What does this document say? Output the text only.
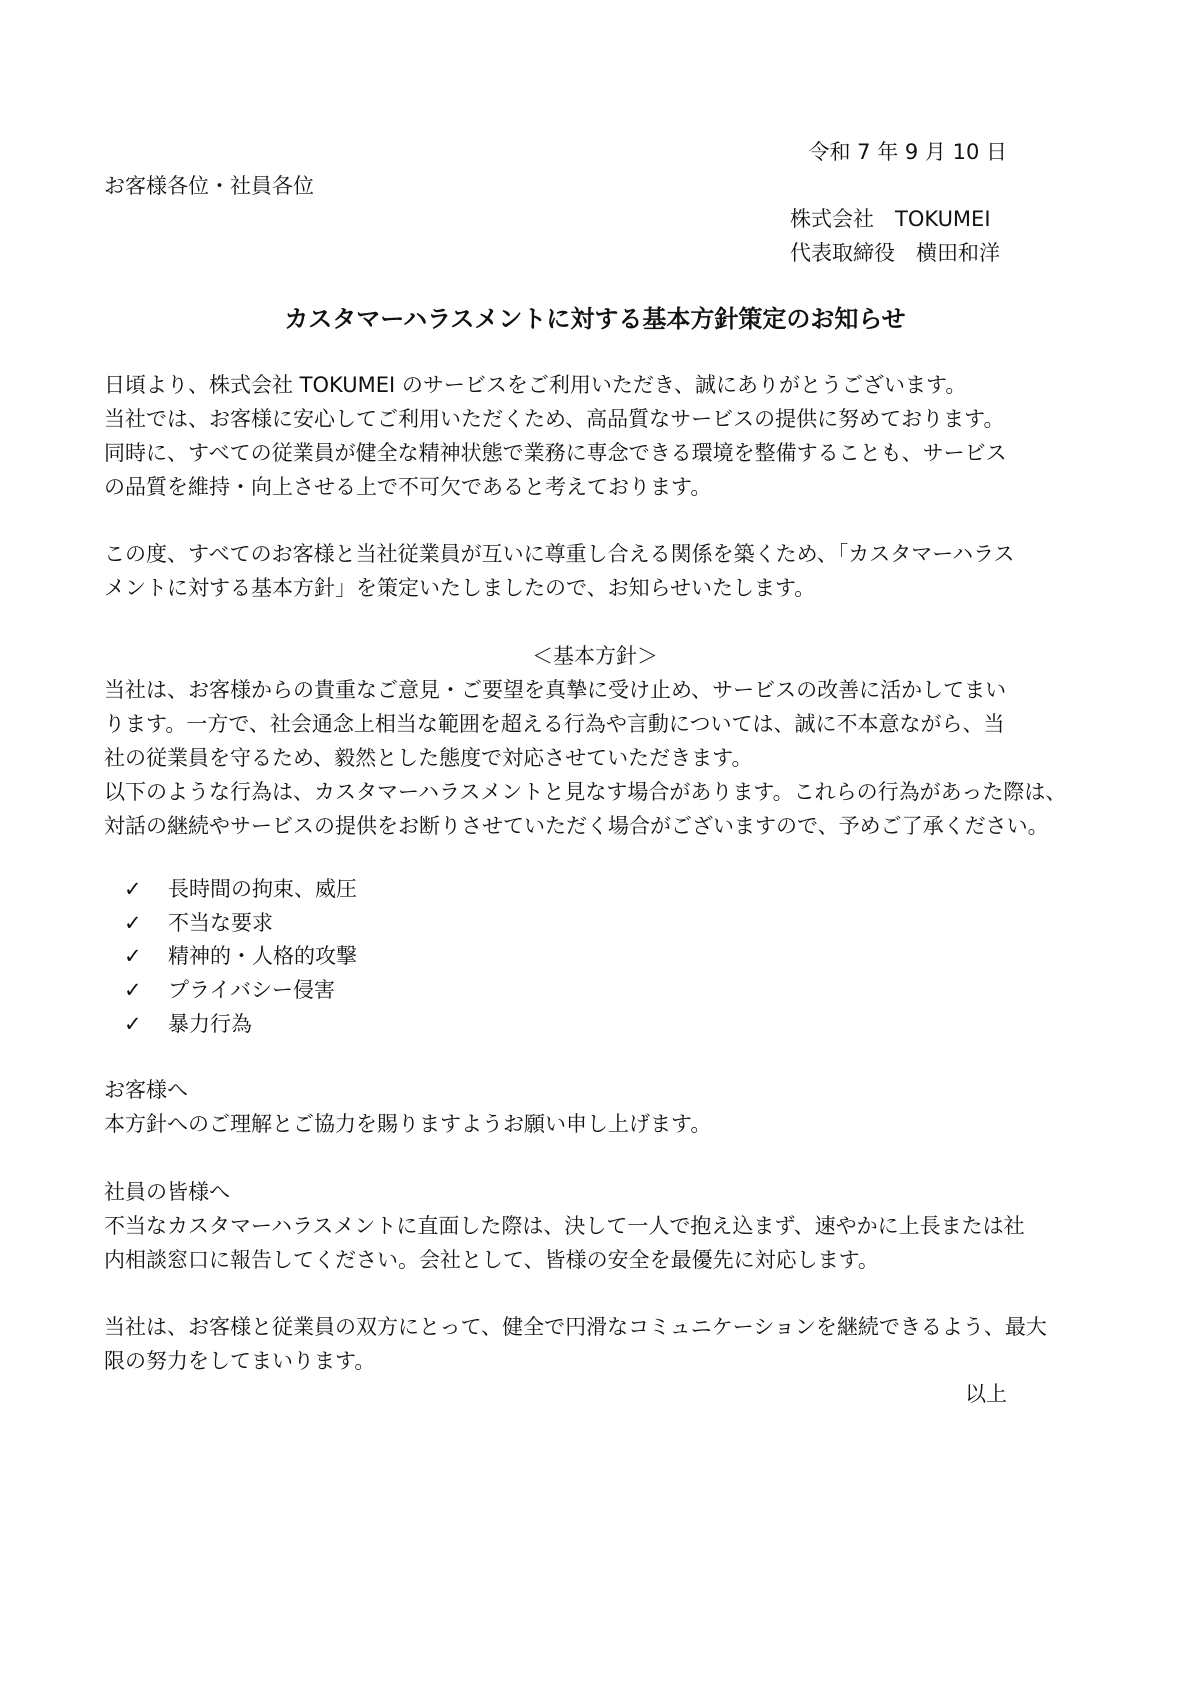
令和 7 年 9 月 10 日
お客様各位・社員各位
株式会社　TOKUMEI
代表取締役　横田和洋
カスタマーハラスメントに対する基本方針策定のお知らせ
日頃より、株式会社 TOKUMEI のサービスをご利用いただき、誠にありがとうございます。
当社では、お客様に安心してご利用いただくため、高品質なサービスの提供に努めております。
同時に、すべての従業員が健全な精神状態で業務に専念できる環境を整備することも、サービス
の品質を維持・向上させる上で不可欠であると考えております。
この度、すべてのお客様と当社従業員が互いに尊重し合える関係を築くため、「カスタマーハラス
メントに対する基本方針」を策定いたしましたので、お知らせいたします。
＜基本方針＞
当社は、お客様からの貴重なご意見・ご要望を真摯に受け止め、サービスの改善に活かしてまい
ります。一方で、社会通念上相当な範囲を超える行為や言動については、誠に不本意ながら、当
社の従業員を守るため、毅然とした態度で対応させていただきます。
以下のような行為は、カスタマーハラスメントと見なす場合があります。これらの行為があった際は、
対話の継続やサービスの提供をお断りさせていただく場合がございますので、予めご了承ください。
✓ 長時間の拘束、威圧
✓ 不当な要求
✓ 精神的・人格的攻撃
✓ プライバシー侵害
✓ 暴力行為
お客様へ
本方針へのご理解とご協力を賜りますようお願い申し上げます。
社員の皆様へ
不当なカスタマーハラスメントに直面した際は、決して一人で抱え込まず、速やかに上長または社
内相談窓口に報告してください。会社として、皆様の安全を最優先に対応します。
当社は、お客様と従業員の双方にとって、健全で円滑なコミュニケーションを継続できるよう、最大
限の努力をしてまいります。
以上
